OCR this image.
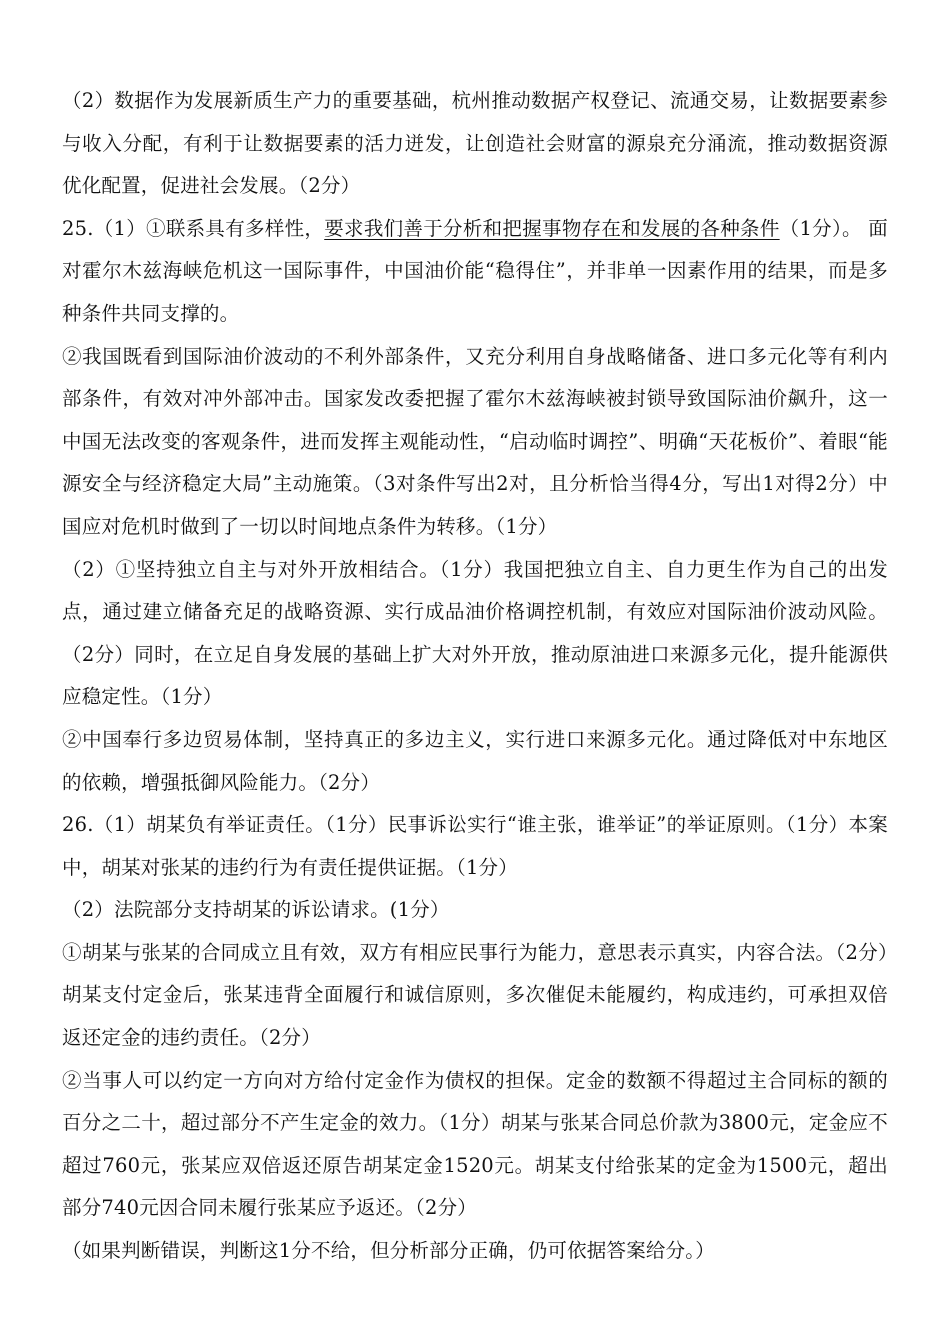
（2）数据作为发展新质生产力的重要基础，杭州推动数据产权登记、流通交易，让数据要素参与收入分配，有利于让数据要素的活力迸发，让创造社会财富的源泉充分涌流，推动数据资源优化配置，促进社会发展。（2分）

25.（1）①联系具有多样性，要求我们善于分析和把握事物存在和发展的各种条件（1分）。 面对霍尔木兹海峡危机这一国际事件，中国油价能“稳得住”，并非单一因素作用的结果，而是多种条件共同支撑的。

②我国既看到国际油价波动的不利外部条件，又充分利用自身战略储备、进口多元化等有利内部条件，有效对冲外部冲击。国家发改委把握了霍尔木兹海峡被封锁导致国际油价飙升，这一中国无法改变的客观条件，进而发挥主观能动性，“启动临时调控”、明确“天花板价”、着眼“能源安全与经济稳定大局”主动施策。（3对条件写出2对，且分析恰当得4分，写出1对得2分）中国应对危机时做到了一切以时间地点条件为转移。（1分）

（2）①坚持独立自主与对外开放相结合。（1分）我国把独立自主、自力更生作为自己的出发点，通过建立储备充足的战略资源、实行成品油价格调控机制，有效应对国际油价波动风险。（2分）同时，在立足自身发展的基础上扩大对外开放，推动原油进口来源多元化，提升能源供应稳定性。（1分）

②中国奉行多边贸易体制，坚持真正的多边主义，实行进口来源多元化。通过降低对中东地区的依赖，增强抵御风险能力。（2分）

26.（1）胡某负有举证责任。（1分）民事诉讼实行“谁主张，谁举证”的举证原则。（1分）本案中，胡某对张某的违约行为有责任提供证据。（1分）

（2）法院部分支持胡某的诉讼请求。(1分）

①胡某与张某的合同成立且有效，双方有相应民事行为能力，意思表示真实，内容合法。（2分）胡某支付定金后，张某违背全面履行和诚信原则，多次催促未能履约，构成违约，可承担双倍返还定金的违约责任。（2分）

②当事人可以约定一方向对方给付定金作为债权的担保。定金的数额不得超过主合同标的额的百分之二十，超过部分不产生定金的效力。（1分）胡某与张某合同总价款为3800元，定金应不超过760元，张某应双倍返还原告胡某定金1520元。胡某支付给张某的定金为1500元，超出部分740元因合同未履行张某应予返还。（2分）

（如果判断错误，判断这1分不给，但分析部分正确，仍可依据答案给分。）
